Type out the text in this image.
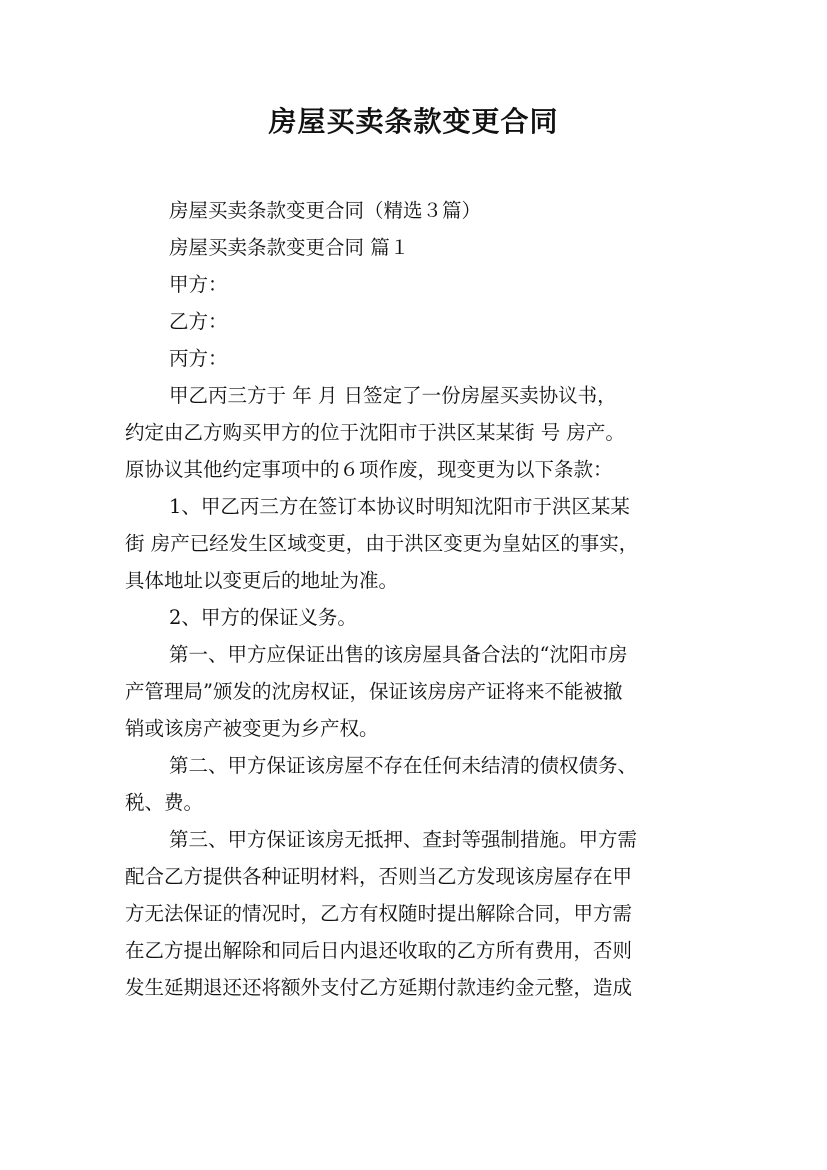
房屋买卖条款变更合同
房屋买卖条款变更合同（精选３篇）
房屋买卖条款变更合同 篇１
甲方：
乙方：
丙方：
甲乙丙三方于 年 月 日签定了一份房屋买卖协议书，
约定由乙方购买甲方的位于沈阳市于洪区某某街 号 房产。
原协议其他约定事项中的６项作废，现变更为以下条款：
1、甲乙丙三方在签订本协议时明知沈阳市于洪区某某
街 房产已经发生区域变更，由于洪区变更为皇姑区的事实，
具体地址以变更后的地址为准。
2、甲方的保证义务。
第一、甲方应保证出售的该房屋具备合法的“沈阳市房
产管理局”颁发的沈房权证，保证该房房产证将来不能被撤
销或该房产被变更为乡产权。
第二、甲方保证该房屋不存在任何未结清的债权债务、
税、费。
第三、甲方保证该房无抵押、查封等强制措施。甲方需
配合乙方提供各种证明材料，否则当乙方发现该房屋存在甲
方无法保证的情况时，乙方有权随时提出解除合同，甲方需
在乙方提出解除和同后日内退还收取的乙方所有费用，否则
发生延期退还还将额外支付乙方延期付款违约金元整，造成
